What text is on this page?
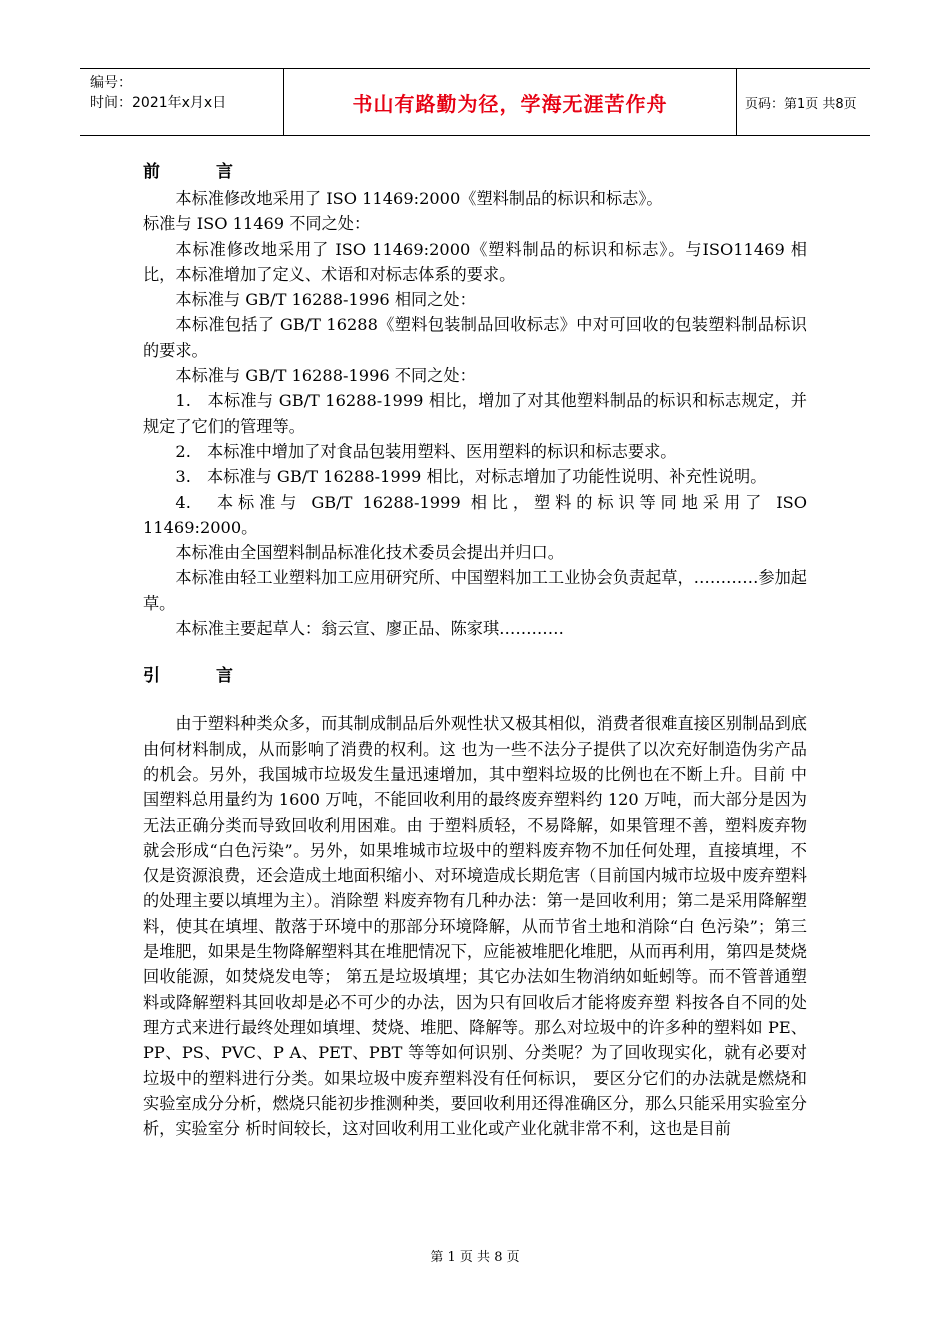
编号：
时间：2021年x月x日	书山有路勤为径，学海无涯苦作舟	页码：第1页 共8页
前	言

本标准修改地采用了 ISO 11469:2000《塑料制品的标识和标志》。

标准与 ISO 11469 不同之处：

本标准修改地采用了 ISO 11469:2000《塑料制品的标识和标志》。与ISO11469 相比，本标准增加了定义、术语和对标志体系的要求。

本标准与 GB/T 16288-1996 相同之处：

本标准包括了 GB/T 16288《塑料包装制品回收标志》中对可回收的包装塑料制品标识的要求。

本标准与 GB/T 16288-1996 不同之处：

1.　本标准与 GB/T 16288-1999 相比，增加了对其他塑料制品的标识和标志规定，并规定了它们的管理等。

2.　本标准中增加了对食品包装用塑料、医用塑料的标识和标志要求。

3.　本标准与 GB/T 16288-1999 相比，对标志增加了功能性说明、补充性说明。

4.　本标准与 GB/T 16288-1999 相比，塑料的标识等同地采用了 ISO 11469:2000。

本标准由全国塑料制品标准化技术委员会提出并归口。

本标准由轻工业塑料加工应用研究所、中国塑料加工工业协会负责起草，…………参加起草。

本标准主要起草人：翁云宣、廖正品、陈家琪…………

引	言

由于塑料种类众多，而其制成制品后外观性状又极其相似，消费者很难直接区别制品到底由何材料制成，从而影响了消费的权利。这 也为一些不法分子提供了以次充好制造伪劣产品的机会。另外，我国城市垃圾发生量迅速增加，其中塑料垃圾的比例也在不断上升。目前 中国塑料总用量约为 1600 万吨，不能回收利用的最终废弃塑料约 120 万吨，而大部分是因为无法正确分类而导致回收利用困难。由 于塑料质轻，不易降解，如果管理不善，塑料废弃物就会形成“白色污染”。另外，如果堆城市垃圾中的塑料废弃物不加任何处理，直接填埋，不仅是资源浪费，还会造成土地面积缩小、对环境造成长期危害（目前国内城市垃圾中废弃塑料的处理主要以填埋为主）。消除塑 料废弃物有几种办法：第一是回收利用；第二是采用降解塑料，使其在填埋、散落于环境中的那部分环境降解，从而节省土地和消除“白 色污染”；第三是堆肥，如果是生物降解塑料其在堆肥情况下，应能被堆肥化堆肥，从而再利用，第四是焚烧回收能源，如焚烧发电等； 第五是垃圾填埋；其它办法如生物消纳如蚯蚓等。而不管普通塑料或降解塑料其回收却是必不可少的办法，因为只有回收后才能将废弃塑 料按各自不同的处理方式来进行最终处理如填埋、焚烧、堆肥、降解等。那么对垃圾中的许多种的塑料如 PE、PP、PS、PVC、P A、PET、PBT 等等如何识别、分类呢？为了回收现实化，就有必要对垃圾中的塑料进行分类。如果垃圾中废弃塑料没有任何标识， 要区分它们的办法就是燃烧和实验室成分分析，燃烧只能初步推测种类，要回收利用还得准确区分，那么只能采用实验室分析，实验室分 析时间较长，这对回收利用工业化或产业化就非常不利，这也是目前

第 1 页 共 8 页
